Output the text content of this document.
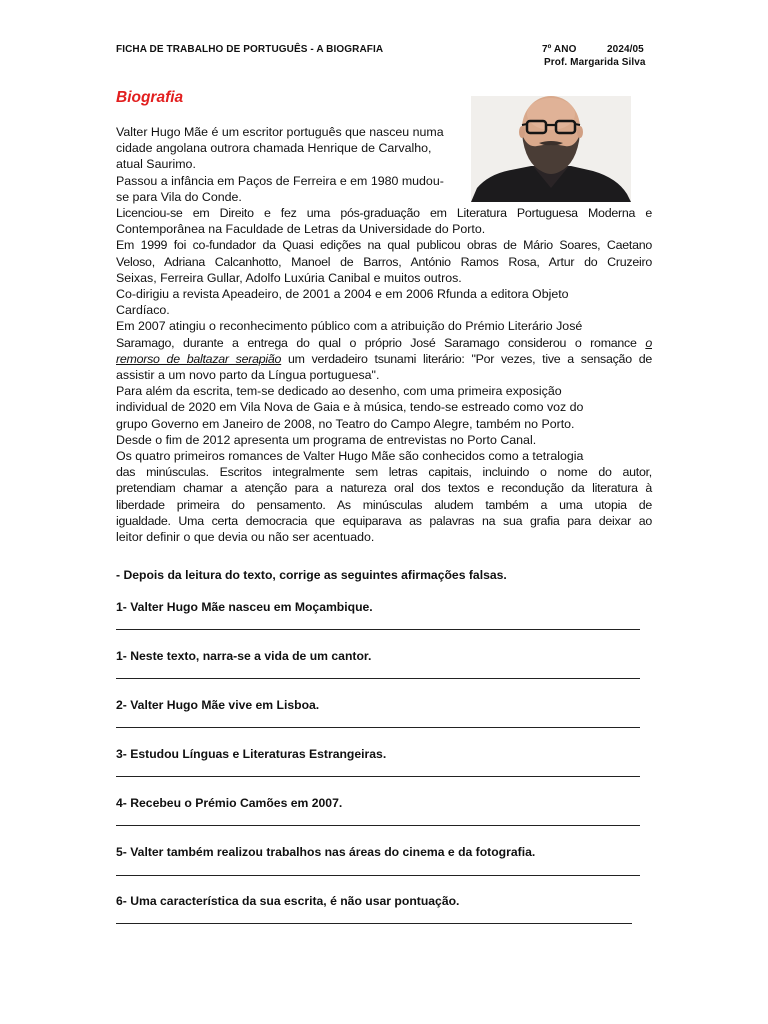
FICHA DE TRABALHO DE PORTUGUÊS - A BIOGRAFIA	7º ANO	2024/05
Prof. Margarida Silva
Biografia
Valter Hugo Mãe é um escritor português que nasceu numa
cidade angolana outrora chamada Henrique de Carvalho,
atual Saurimo.
Passou a infância em Paços de Ferreira e em 1980 mudou-
se para Vila do Conde.
Licenciou-se em Direito e fez uma pós-graduação em Literatura Portuguesa Moderna e
Contemporânea na Faculdade de Letras da Universidade do Porto.
Em 1999 foi co-fundador da Quasi edições na qual publicou obras de Mário Soares, Caetano
Veloso, Adriana Calcanhotto, Manoel de Barros, António Ramos Rosa, Artur do Cruzeiro
Seixas, Ferreira Gullar, Adolfo Luxúria Canibal e muitos outros.
Co-dirigiu a revista Apeadeiro, de 2001 a 2004 e em 2006 Rfunda a editora Objeto
Cardíaco.
Em 2007 atingiu o reconhecimento público com a atribuição do Prémio Literário José
Saramago, durante a entrega do qual o próprio José Saramago considerou o romance o
remorso de baltazar serapião um verdadeiro tsunami literário: "Por vezes, tive a sensação de
assistir a um novo parto da Língua portuguesa".
Para além da escrita, tem-se dedicado ao desenho, com uma primeira exposição
individual de 2020 em Vila Nova de Gaia e à música, tendo-se estreado como voz do
grupo Governo em Janeiro de 2008, no Teatro do Campo Alegre, também no Porto.
Desde o fim de 2012 apresenta um programa de entrevistas no Porto Canal.
Os quatro primeiros romances de Valter Hugo Mãe são conhecidos como a tetralogia
das minúsculas. Escritos integralmente sem letras capitais, incluindo o nome do autor,
pretendiam chamar a atenção para a natureza oral dos textos e recondução da literatura à
liberdade primeira do pensamento. As minúsculas aludem também a uma utopia de
igualdade. Uma certa democracia que equiparava as palavras na sua grafia para deixar ao
leitor definir o que devia ou não ser acentuado.
- Depois da leitura do texto, corrige as seguintes afirmações falsas.
1- Valter Hugo Mãe nasceu em Moçambique.
1- Neste texto, narra-se a vida de um cantor.
2- Valter Hugo Mãe vive em Lisboa.
3- Estudou Línguas e Literaturas Estrangeiras.
4- Recebeu o Prémio Camões em 2007.
5- Valter também realizou trabalhos nas áreas do cinema e da fotografia.
6- Uma característica da sua escrita, é não usar pontuação.
